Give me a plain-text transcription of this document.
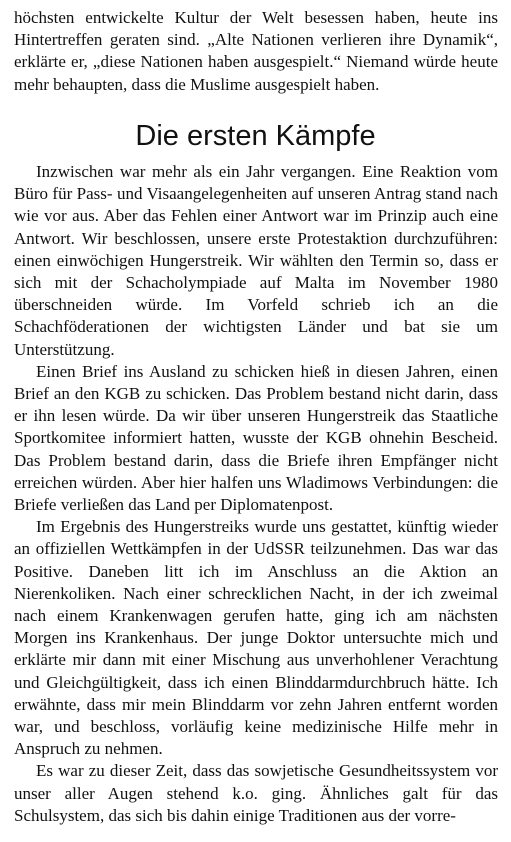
höchsten entwickelte Kultur der Welt besessen haben, heute ins Hintertreffen geraten sind. „Alte Nationen verlieren ihre Dynamik“, erklärte er, „diese Nationen haben ausgespielt.“ Niemand würde heute mehr behaupten, dass die Muslime ausgespielt haben.

Die ersten Kämpfe

Inzwischen war mehr als ein Jahr vergangen. Eine Reaktion vom Büro für Pass- und Visaangelegenheiten auf unseren Antrag stand nach wie vor aus. Aber das Fehlen einer Antwort war im Prinzip auch eine Antwort. Wir beschlossen, unsere erste Protestaktion durchzuführen: einen einwöchigen Hungerstreik. Wir wählten den Termin so, dass er sich mit der Schacholympiade auf Malta im November 1980 überschneiden würde. Im Vorfeld schrieb ich an die Schachföderationen der wichtigsten Länder und bat sie um Unterstützung.

Einen Brief ins Ausland zu schicken hieß in diesen Jahren, einen Brief an den KGB zu schicken. Das Problem bestand nicht darin, dass er ihn lesen würde. Da wir über unseren Hungerstreik das Staatliche Sportkomitee informiert hatten, wusste der KGB ohnehin Bescheid. Das Problem bestand darin, dass die Briefe ihren Empfänger nicht erreichen würden. Aber hier halfen uns Wladimows Verbindungen: die Briefe verließen das Land per Diplomatenpost.

Im Ergebnis des Hungerstreiks wurde uns gestattet, künftig wieder an offiziellen Wettkämpfen in der UdSSR teilzunehmen. Das war das Positive. Daneben litt ich im Anschluss an die Aktion an Nierenkoliken. Nach einer schrecklichen Nacht, in der ich zweimal nach einem Krankenwagen gerufen hatte, ging ich am nächsten Morgen ins Krankenhaus. Der junge Doktor untersuchte mich und erklärte mir dann mit einer Mischung aus unverhohlener Verachtung und Gleichgültigkeit, dass ich einen Blinddarmdurchbruch hätte. Ich erwähnte, dass mir mein Blinddarm vor zehn Jahren entfernt worden war, und beschloss, vorläufig keine medizinische Hilfe mehr in Anspruch zu nehmen.

Es war zu dieser Zeit, dass das sowjetische Gesundheitssystem vor unser aller Augen stehend k.o. ging. Ähnliches galt für das Schulsystem, das sich bis dahin einige Traditionen aus der vorre-
